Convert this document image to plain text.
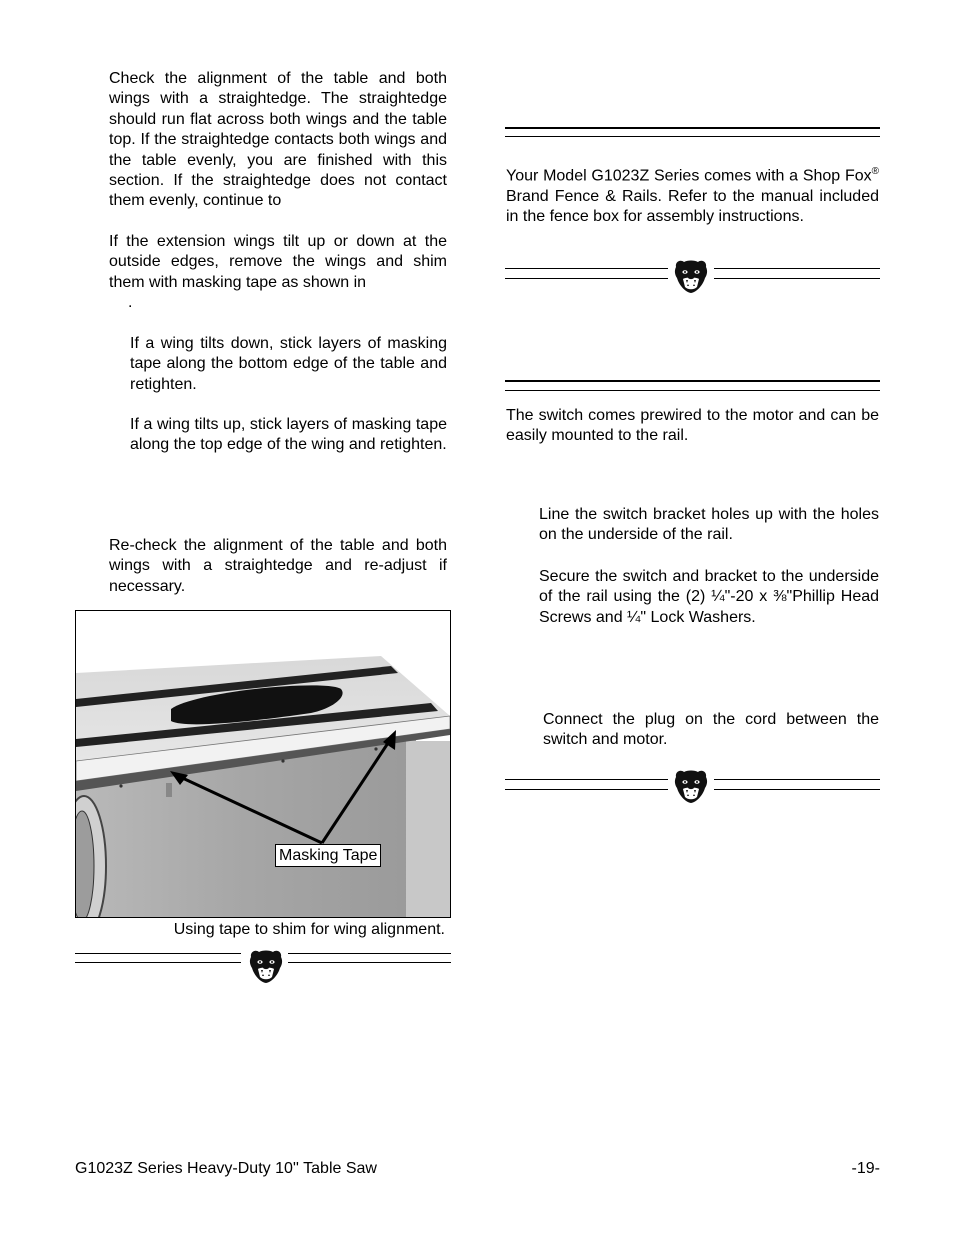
Check the alignment of the table and both wings with a straightedge. The straightedge should run flat across both wings and the table top. If the straightedge contacts both wings and the table evenly, you are finished with this section. If the straightedge does not contact them evenly, continue to

If the extension wings tilt up or down at the outside edges, remove the wings and shim them with masking tape as shown in

.

If a wing tilts down, stick layers of masking tape along the bottom edge of the table and retighten.

If a wing tilts up, stick layers of masking tape along the top edge of the wing and retighten.

Re-check the alignment of the table and both wings with a straightedge and re-adjust if necessary.

Masking Tape
Using tape to shim for wing alignment.

Your Model G1023Z Series comes with a Shop Fox® Brand Fence & Rails. Refer to the manual included in the fence box for assembly instructions.

The switch comes prewired to the motor and can be easily mounted to the rail.

Line the switch bracket holes up with the holes on the underside of the rail.

Secure the switch and bracket to the underside of the rail using the (2) ¼"-20 x ⅜"Phillip Head Screws and ¼" Lock Washers.

Connect the plug on the cord between the switch and motor.

G1023Z Series Heavy-Duty 10'' Table Saw	-19-
